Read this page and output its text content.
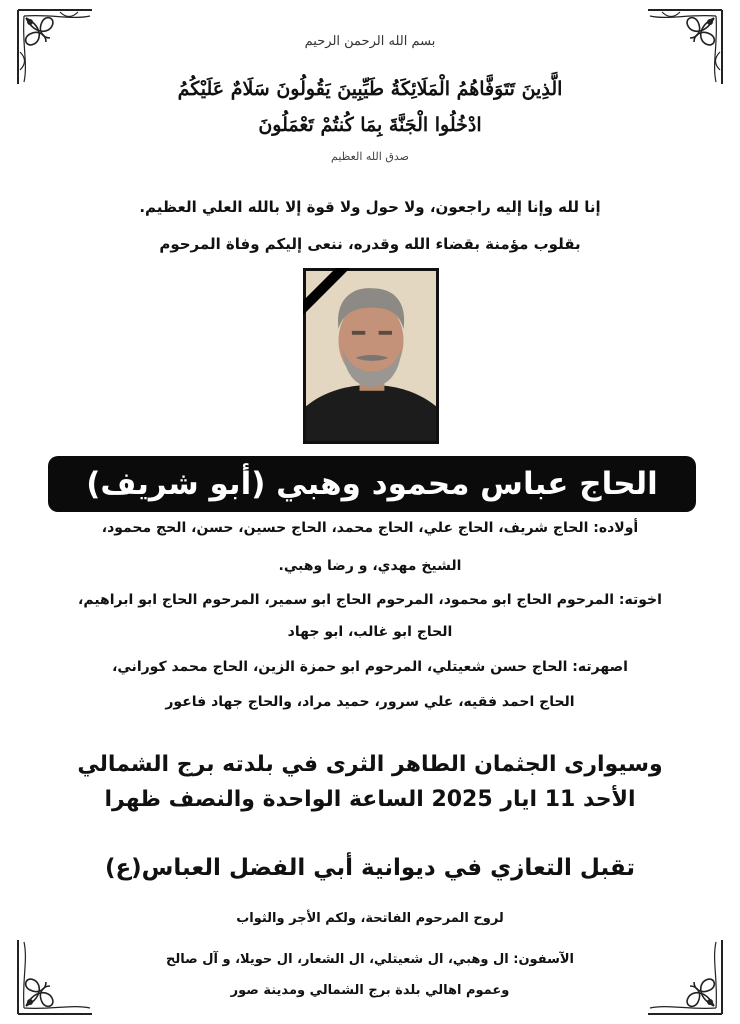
بسم الله الرحمن الرحيم
الَّذِينَ تَتَوَفَّاهُمُ الْمَلَائِكَةُ طَيِّبِينَ يَقُولُونَ سَلَامٌ عَلَيْكُمُ
ادْخُلُوا الْجَنَّةَ بِمَا كُنتُمْ تَعْمَلُونَ
صدق الله العظيم
إنا لله وإنا إليه راجعون، ولا حول ولا قوة إلا بالله العلي العظيم.
بقلوب مؤمنة بقضاء الله وقدره، ننعى إليكم وفاة المرحوم
الحاج عباس محمود وهبي (أبو شريف)
أولاده: الحاج شريف، الحاج علي، الحاج محمد، الحاج حسين، حسن، الحج محمود،
الشيخ مهدي، و رضا وهبي.
اخوته: المرحوم الحاج ابو محمود، المرحوم الحاج ابو سمير، المرحوم الحاج ابو ابراهيم،
الحاج ابو غالب، ابو جهاد
اصهرته: الحاج حسن شعيتلي، المرحوم ابو حمزة الزين، الحاج محمد كوراني،
الحاج احمد فقيه، علي سرور، حميد مراد، والحاج جهاد فاعور
وسيوارى الجثمان الطاهر الثرى في بلدته برج الشمالي
الأحد 11 ايار 2025 الساعة الواحدة والنصف ظهرا
تقبل التعازي في ديوانية أبي الفضل العباس(ع)
لروح المرحوم الفاتحة، ولكم الأجر والثواب
الآسفون: ال وهبي، ال شعيتلي، ال الشعار، ال حويلا، و آل صالح
وعموم اهالي بلدة برج الشمالي ومدينة صور
